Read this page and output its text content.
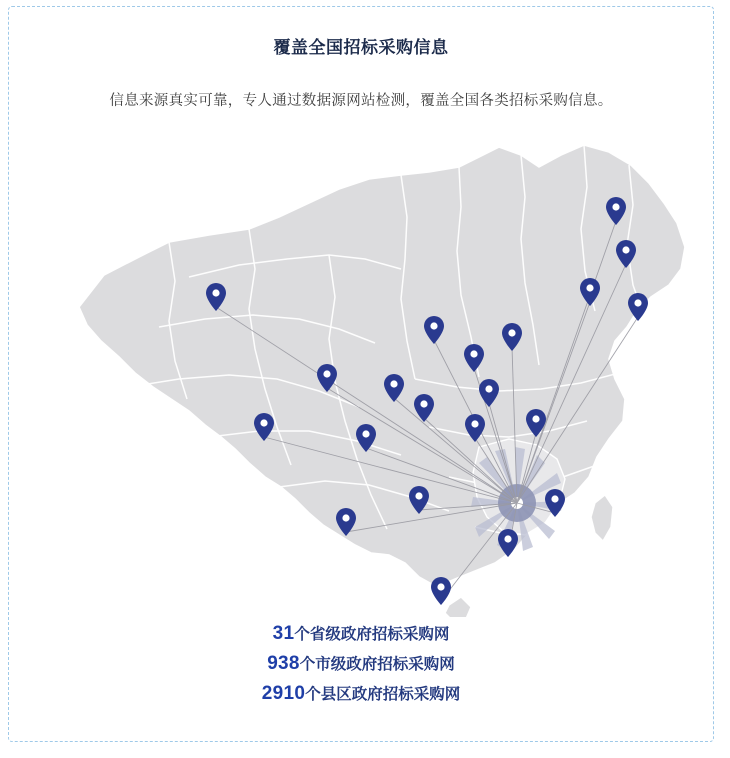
覆盖全国招标采购信息
信息来源真实可靠，专人通过数据源网站检测，覆盖全国各类招标采购信息。
31个省级政府招标采购网
938个市级政府招标采购网
2910个县区政府招标采购网
